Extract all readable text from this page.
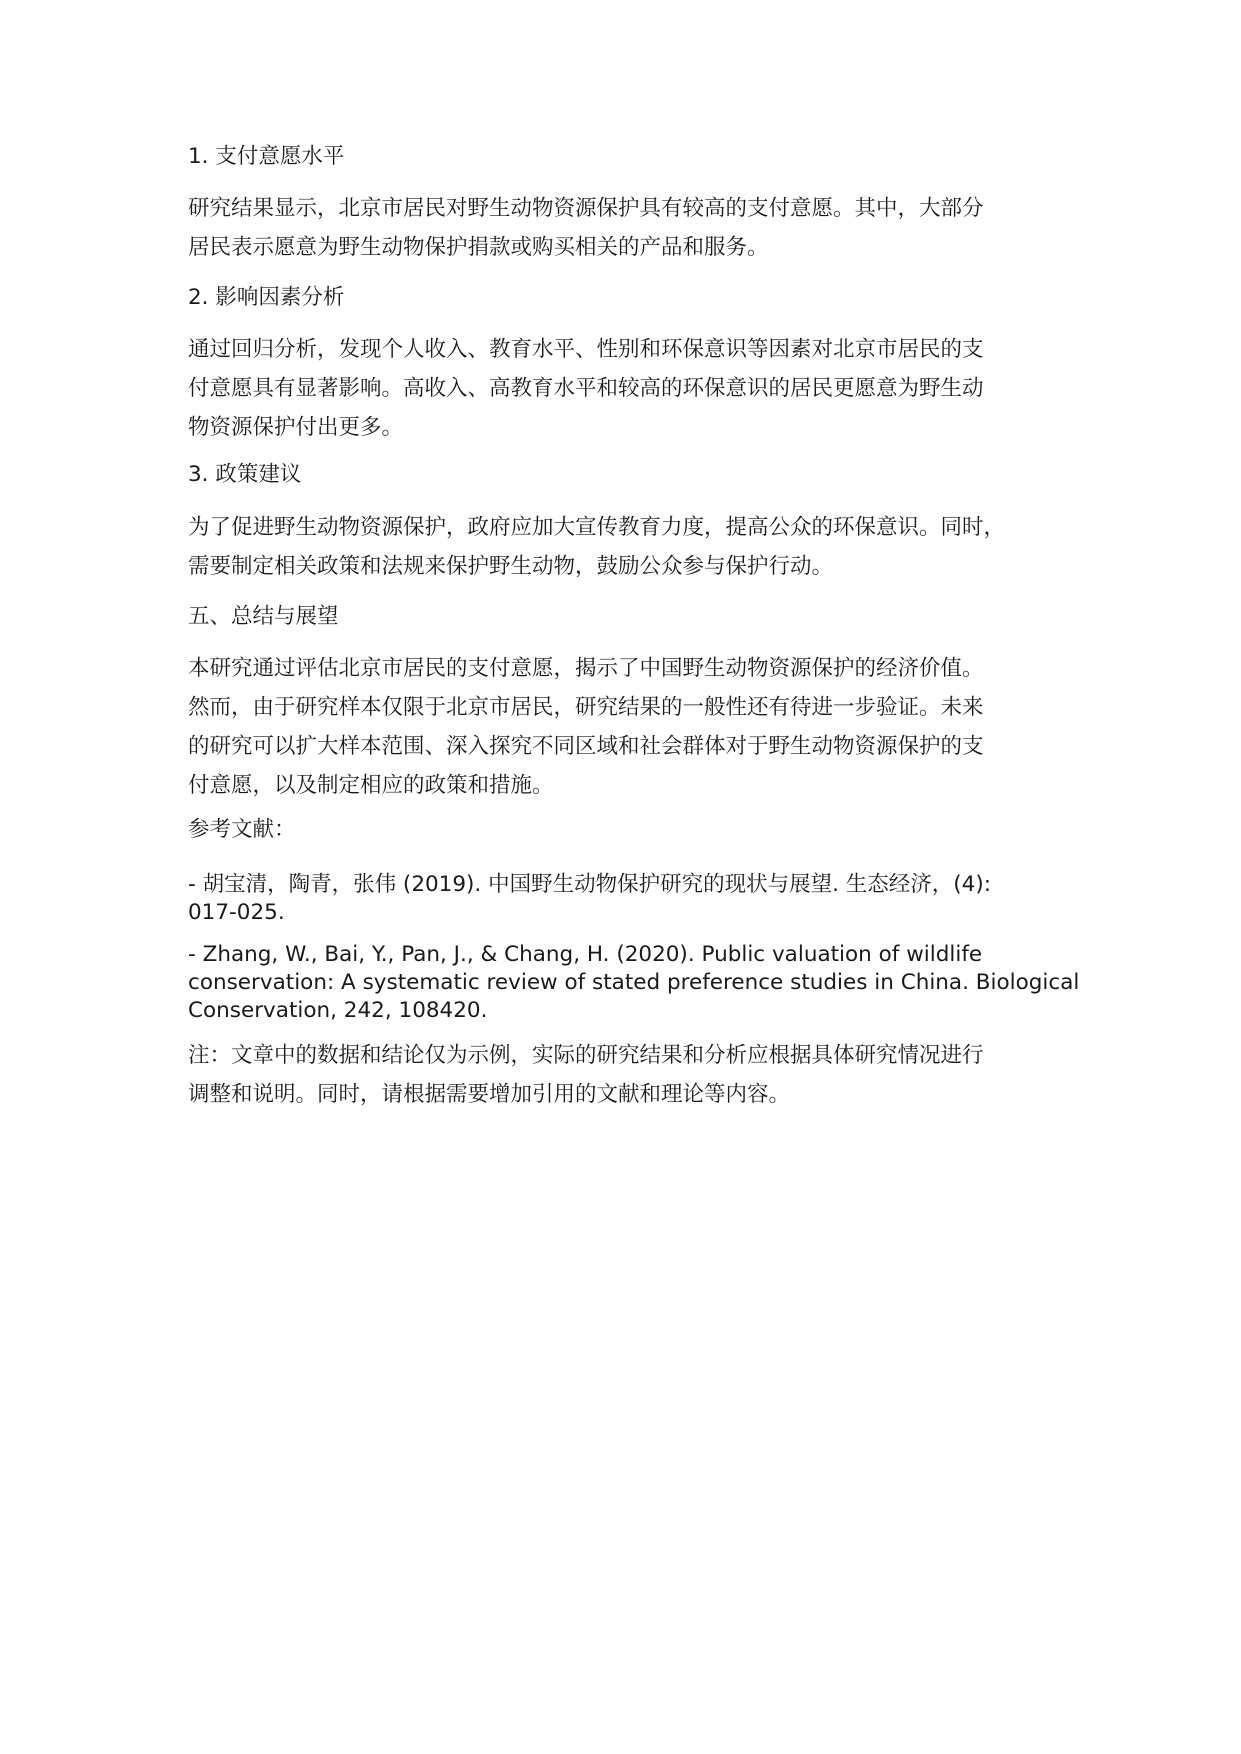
1. 支付意愿水平

研究结果显示，北京市居民对野生动物资源保护具有较高的支付意愿。其中，大部分
居民表示愿意为野生动物保护捐款或购买相关的产品和服务。

2. 影响因素分析

通过回归分析，发现个人收入、教育水平、性别和环保意识等因素对北京市居民的支
付意愿具有显著影响。高收入、高教育水平和较高的环保意识的居民更愿意为野生动
物资源保护付出更多。

3. 政策建议

为了促进野生动物资源保护，政府应加大宣传教育力度，提高公众的环保意识。同时，
需要制定相关政策和法规来保护野生动物，鼓励公众参与保护行动。

五、总结与展望

本研究通过评估北京市居民的支付意愿，揭示了中国野生动物资源保护的经济价值。
然而，由于研究样本仅限于北京市居民，研究结果的一般性还有待进一步验证。未来
的研究可以扩大样本范围、深入探究不同区域和社会群体对于野生动物资源保护的支
付意愿，以及制定相应的政策和措施。

参考文献：

- 胡宝清，陶青，张伟 (2019). 中国野生动物保护研究的现状与展望. 生态经济，(4):
017-025.

- Zhang, W., Bai, Y., Pan, J., & Chang, H. (2020). Public valuation of wildlife
conservation: A systematic review of stated preference studies in China. Biological
Conservation, 242, 108420.

注：文章中的数据和结论仅为示例，实际的研究结果和分析应根据具体研究情况进行
调整和说明。同时，请根据需要增加引用的文献和理论等内容。
